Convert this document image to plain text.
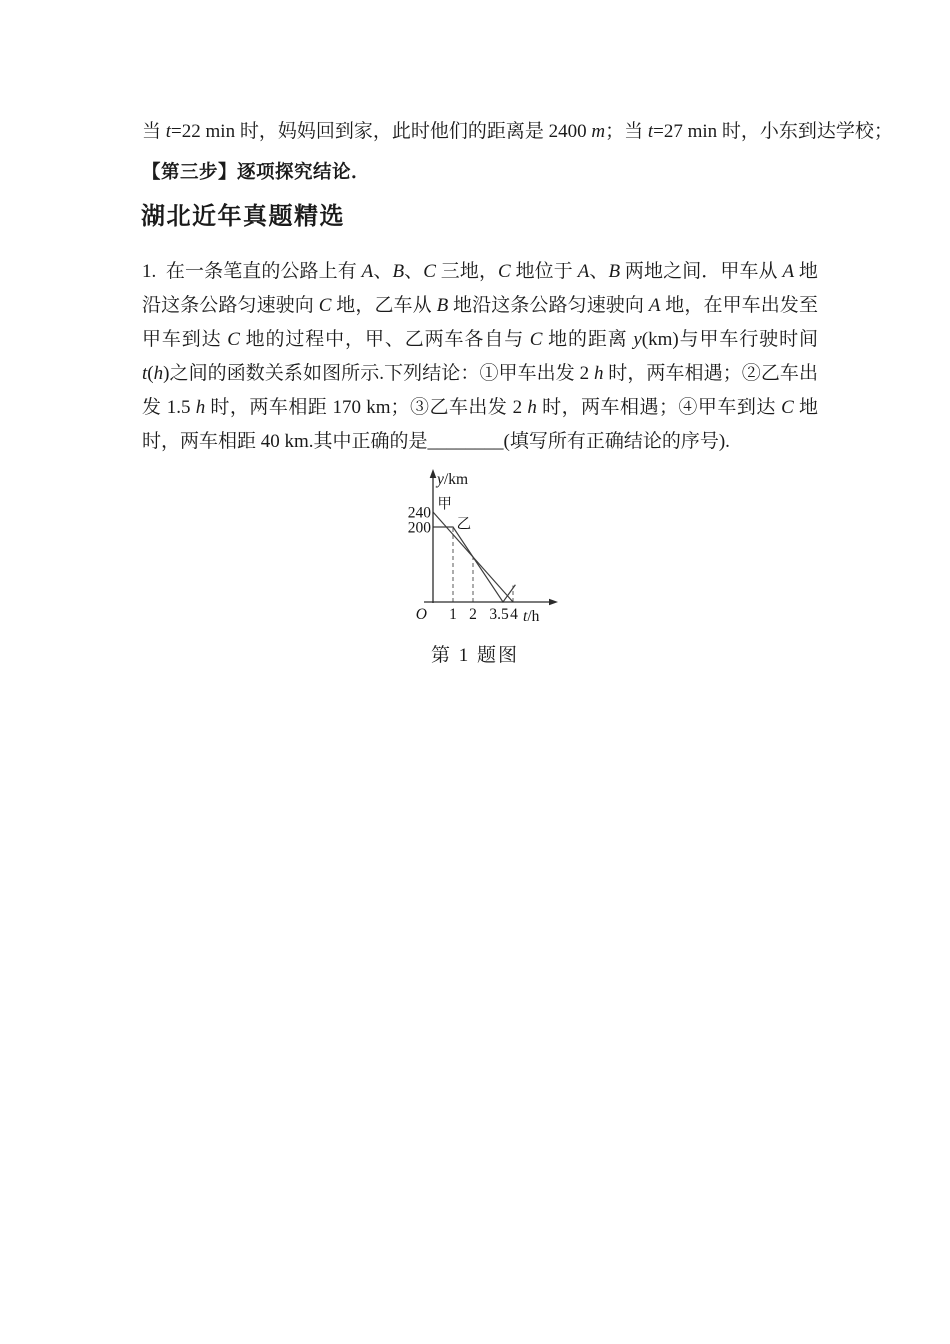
当 t=22 min 时，妈妈回到家，此时他们的距离是 2400 m；当 t=27 min 时，小东到达学校；

【第三步】逐项探究结论．

湖北近年真题精选
1.  在一条笔直的公路上有 A、B、C 三地，C 地位于 A、B 两地之间．甲车从 A 地沿这条公路匀速驶向 C 地，乙车从 B 地沿这条公路匀速驶向 A 地，在甲车出发至甲车到达 C 地的过程中，甲、乙两车各自与 C 地的距离 y(km)与甲车行驶时间 t(h)之间的函数关系如图所示.下列结论：①甲车出发 2 h 时，两车相遇；②乙车出发 1.5 h 时，两车相距 170 km；③乙车出发 2 h 时，两车相遇；④甲车到达 C 地时，两车相距 40 km.其中正确的是________(填写所有正确结论的序号).
甲
乙
y/km
t/h
O
240
200
1 2 3.5 4
第 1 题图
